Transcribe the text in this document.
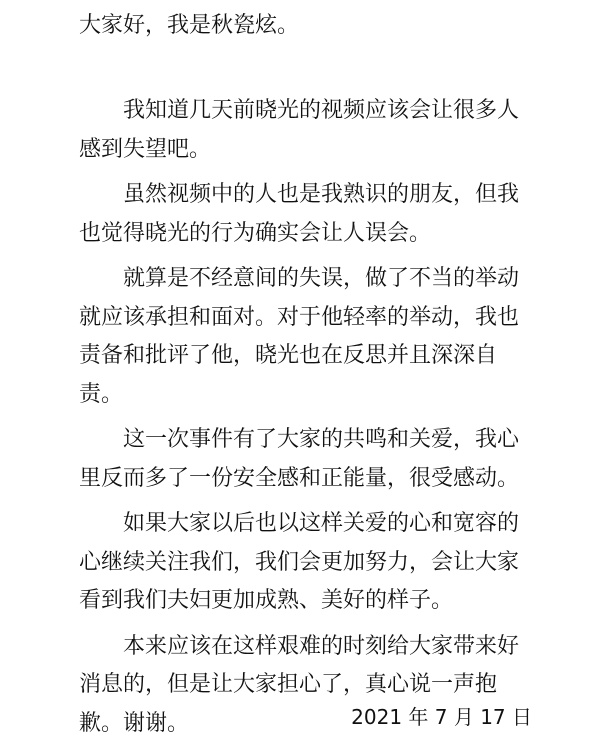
大家好，我是秋瓷炫。

我知道几天前晓光的视频应该会让很多人感到失望吧。

虽然视频中的人也是我熟识的朋友，但我也觉得晓光的行为确实会让人误会。

就算是不经意间的失误，做了不当的举动就应该承担和面对。对于他轻率的举动，我也责备和批评了他，晓光也在反思并且深深自责。

这一次事件有了大家的共鸣和关爱，我心里反而多了一份安全感和正能量，很受感动。

如果大家以后也以这样关爱的心和宽容的心继续关注我们，我们会更加努力，会让大家看到我们夫妇更加成熟、美好的样子。

本来应该在这样艰难的时刻给大家带来好消息的，但是让大家担心了，真心说一声抱歉。谢谢。	2021 年 7 月 17 日
